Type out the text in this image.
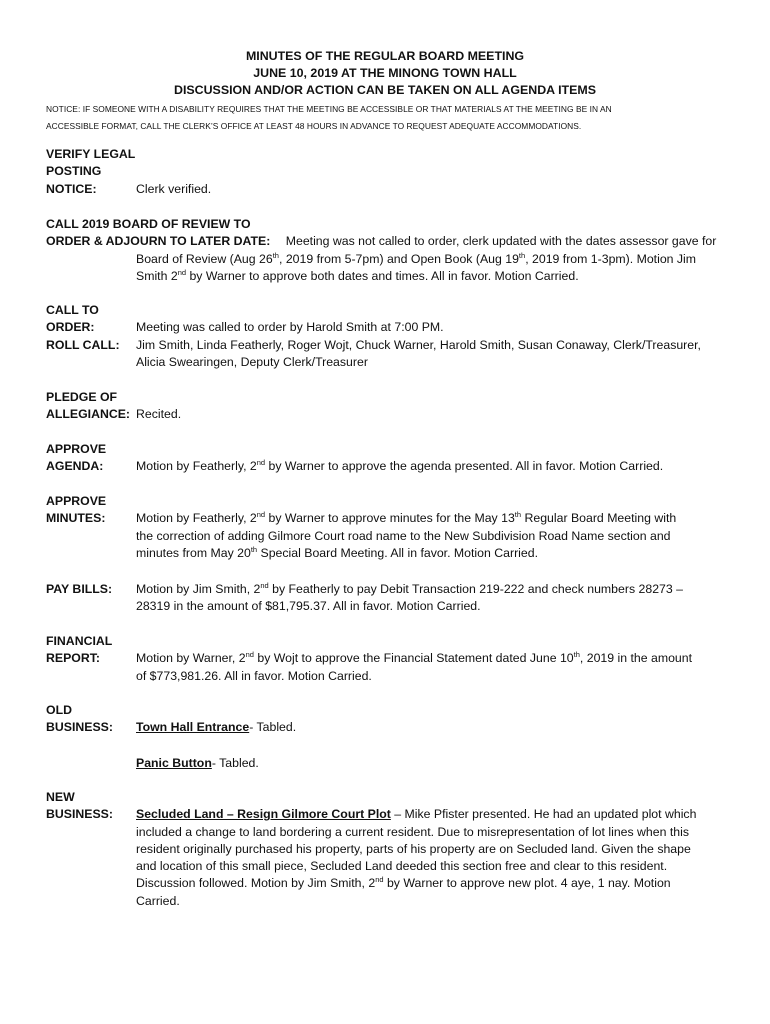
MINUTES OF THE REGULAR BOARD MEETING
JUNE 10, 2019 AT THE MINONG TOWN HALL
DISCUSSION AND/OR ACTION CAN BE TAKEN ON ALL AGENDA ITEMS
NOTICE: IF SOMEONE WITH A DISABILITY REQUIRES THAT THE MEETING BE ACCESSIBLE OR THAT MATERIALS AT THE MEETING BE IN AN
ACCESSIBLE FORMAT, CALL THE CLERK’S OFFICE AT LEAST 48 HOURS IN ADVANCE TO REQUEST ADEQUATE ACCOMMODATIONS.
VERIFY LEGAL
POSTING
NOTICE:	Clerk verified.
CALL 2019 BOARD OF REVIEW TO
ORDER & ADJOURN TO LATER DATE: Meeting was not called to order, clerk updated with the dates assessor gave for
Board of Review (Aug 26th, 2019 from 5-7pm) and Open Book (Aug 19th, 2019 from 1-3pm). Motion Jim
Smith 2nd by Warner to approve both dates and times. All in favor. Motion Carried.
CALL TO
ORDER:	Meeting was called to order by Harold Smith at 7:00 PM.
ROLL CALL: Jim Smith, Linda Featherly, Roger Wojt, Chuck Warner, Harold Smith, Susan Conaway, Clerk/Treasurer,
Alicia Swearingen, Deputy Clerk/Treasurer
PLEDGE OF
ALLEGIANCE: Recited.
APPROVE
AGENDA:	Motion by Featherly, 2nd by Warner to approve the agenda presented. All in favor. Motion Carried.
APPROVE
MINUTES: Motion by Featherly, 2nd by Warner to approve minutes for the May 13th Regular Board Meeting with
the correction of adding Gilmore Court road name to the New Subdivision Road Name section and
minutes from May 20th Special Board Meeting. All in favor. Motion Carried.
PAY BILLS: Motion by Jim Smith, 2nd by Featherly to pay Debit Transaction 219-222 and check numbers 28273 –
28319 in the amount of $81,795.37. All in favor. Motion Carried.
FINANCIAL
REPORT:	Motion by Warner, 2nd by Wojt to approve the Financial Statement dated June 10th, 2019 in the amount
of $773,981.26. All in favor. Motion Carried.
OLD
BUSINESS: Town Hall Entrance- Tabled.
Panic Button- Tabled.
NEW
BUSINESS: Secluded Land – Resign Gilmore Court Plot – Mike Pfister presented. He had an updated plot which
included a change to land bordering a current resident. Due to misrepresentation of lot lines when this
resident originally purchased his property, parts of his property are on Secluded land. Given the shape
and location of this small piece, Secluded Land deeded this section free and clear to this resident.
Discussion followed. Motion by Jim Smith, 2nd by Warner to approve new plot. 4 aye, 1 nay. Motion
Carried.
